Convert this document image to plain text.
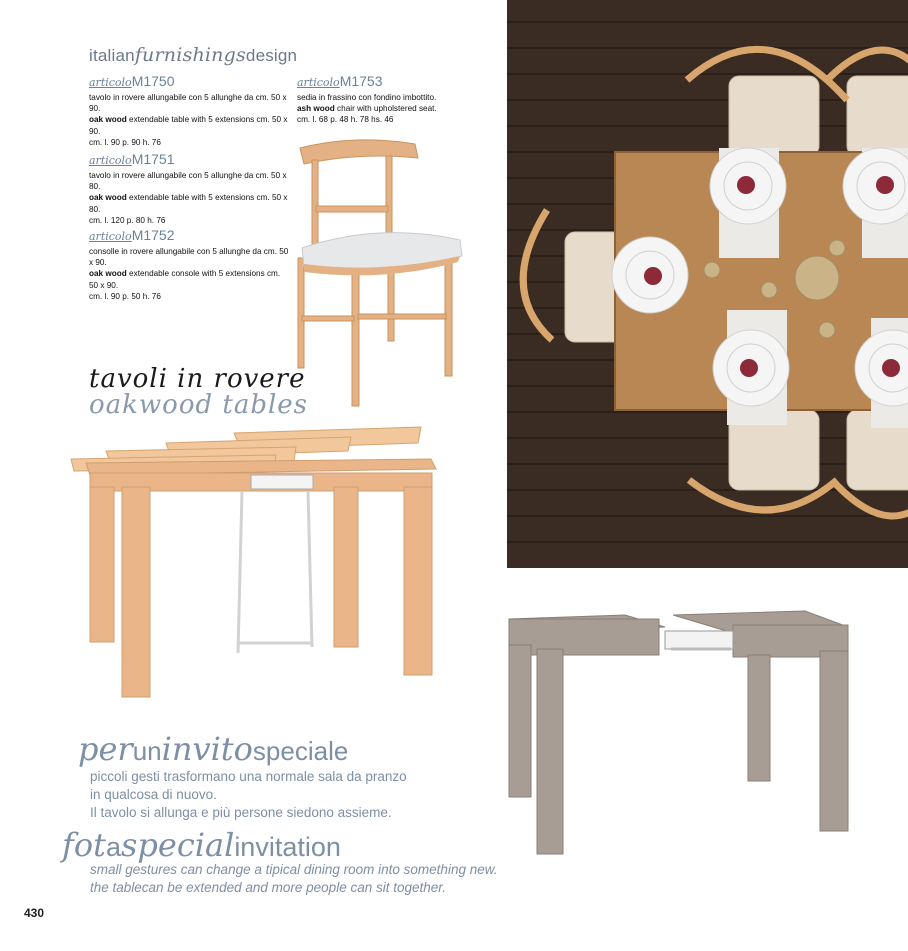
italianfurnishingsdesign
articoloM1750
tavolo in rovere allungabile con 5 allunghe da cm. 50 x 90.
oak wood extendable table with 5 extensions cm. 50 x 90.
cm. l. 90 p. 90 h. 76
articoloM1751
tavolo in rovere allungabile con 5 allunghe da cm. 50 x 80.
oak wood extendable table with 5 extensions cm. 50 x 80.
cm. l. 120 p. 80 h. 76
articoloM1752
consolle in rovere allungabile con 5 allunghe da cm. 50 x 90.
oak wood extendable console with 5 extensions cm. 50 x 90.
cm. l. 90 p. 50 h. 76
articoloM1753
sedia in frassino con fondino imbottito.
ash wood chair with upholstered seat.
cm. l. 68 p. 48 h. 78 hs. 46
tavoli in rovere
oakwood tables
peruninvitospeciale
piccoli gesti trasformano una normale sala da pranzo
in qualcosa di nuovo.
Il tavolo si allunga e più persone siedono assieme.
fotaspecialinvitation
small gestures can change a tipical dining room into something new.
the tablecan be extended and more people can sit together.
430
